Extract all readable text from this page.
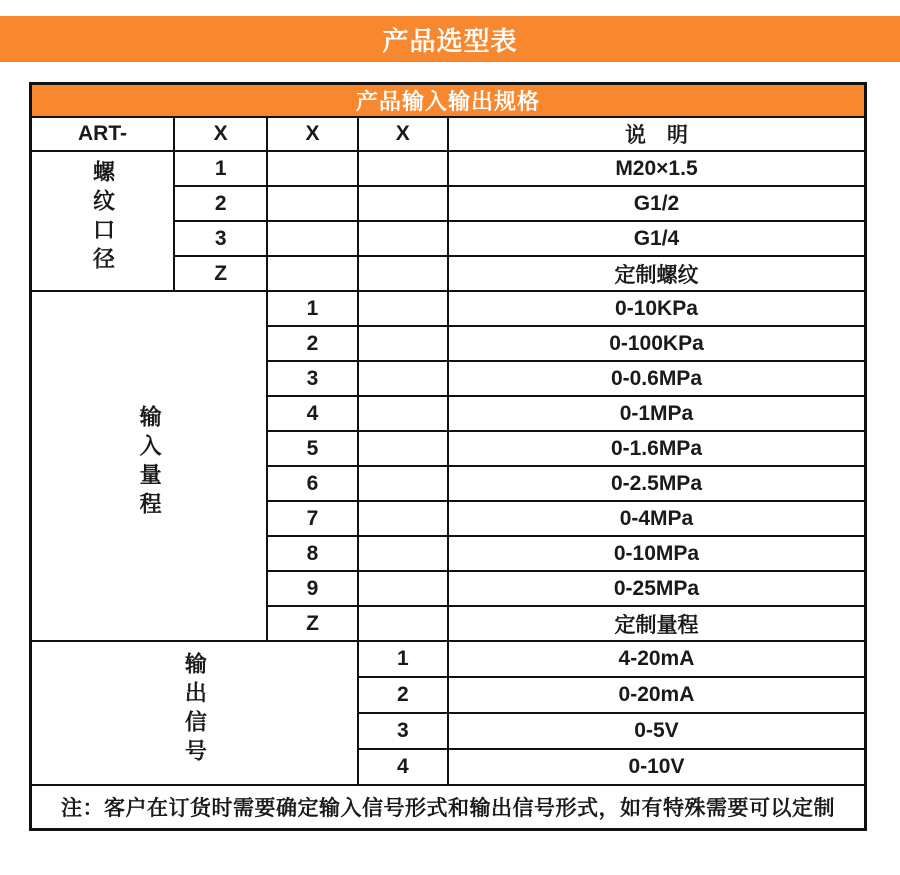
产品选型表
产品输入输出规格				
ART-	X	X	X	说　明
螺纹口径	1			M20×1.5
	2			G1/2
	3			G1/4
	Z			定制螺纹
输入量程		1		0-10KPa
		2		0-100KPa
		3		0-0.6MPa
		4		0-1MPa
		5		0-1.6MPa
		6		0-2.5MPa
		7		0-4MPa
		8		0-10MPa
		9		0-25MPa
		Z		定制量程
输出信号			1	4-20mA
			2	0-20mA
			3	0-5V
			4	0-10V
注：客户在订货时需要确定输入信号形式和输出信号形式，如有特殊需要可以定制				
